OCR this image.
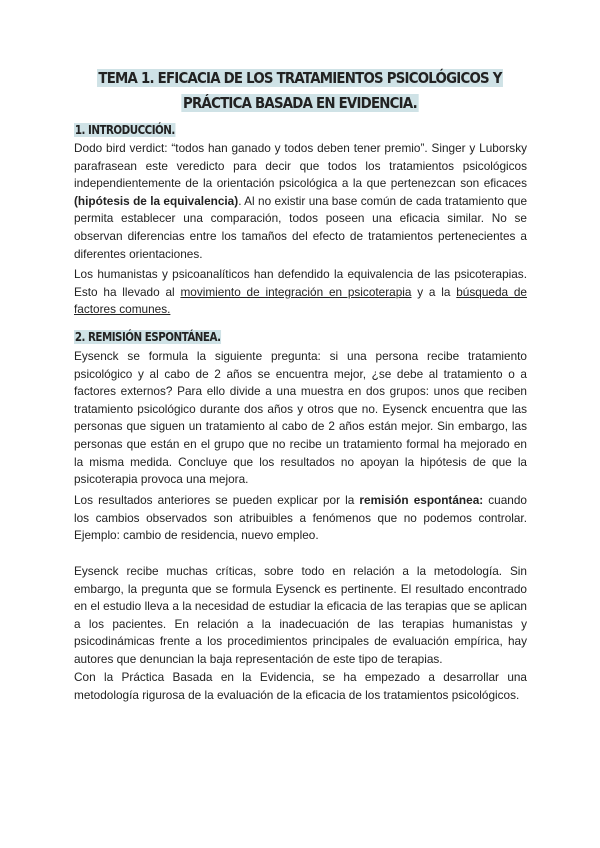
TEMA 1. EFICACIA DE LOS TRATAMIENTOS PSICOLÓGICOS Y PRÁCTICA BASADA EN EVIDENCIA.
1. INTRODUCCIÓN.

Dodo bird verdict: “todos han ganado y todos deben tener premio”. Singer y Luborsky parafrasean este veredicto para decir que todos los tratamientos psicológicos independientemente de la orientación psicológica a la que pertenezcan son eficaces (hipótesis de la equivalencia). Al no existir una base común de cada tratamiento que permita establecer una comparación, todos poseen una eficacia similar. No se observan diferencias entre los tamaños del efecto de tratamientos pertenecientes a diferentes orientaciones.

Los humanistas y psicoanalíticos han defendido la equivalencia de las psicoterapias. Esto ha llevado al movimiento de integración en psicoterapia y a la búsqueda de factores comunes.

2. REMISIÓN ESPONTÁNEA.

Eysenck se formula la siguiente pregunta: si una persona recibe tratamiento psicológico y al cabo de 2 años se encuentra mejor, ¿se debe al tratamiento o a factores externos? Para ello divide a una muestra en dos grupos: unos que reciben tratamiento psicológico durante dos años y otros que no. Eysenck encuentra que las personas que siguen un tratamiento al cabo de 2 años están mejor. Sin embargo, las personas que están en el grupo que no recibe un tratamiento formal ha mejorado en la misma medida. Concluye que los resultados no apoyan la hipótesis de que la psicoterapia provoca una mejora.

Los resultados anteriores se pueden explicar por la remisión espontánea: cuando los cambios observados son atribuibles a fenómenos que no podemos controlar. Ejemplo: cambio de residencia, nuevo empleo.

Eysenck recibe muchas críticas, sobre todo en relación a la metodología. Sin embargo, la pregunta que se formula Eysenck es pertinente. El resultado encontrado en el estudio lleva a la necesidad de estudiar la eficacia de las terapias que se aplican a los pacientes. En relación a la inadecuación de las terapias humanistas y psicodinámicas frente a los procedimientos principales de evaluación empírica, hay autores que denuncian la baja representación de este tipo de terapias.

Con la Práctica Basada en la Evidencia, se ha empezado a desarrollar una metodología rigurosa de la evaluación de la eficacia de los tratamientos psicológicos.
